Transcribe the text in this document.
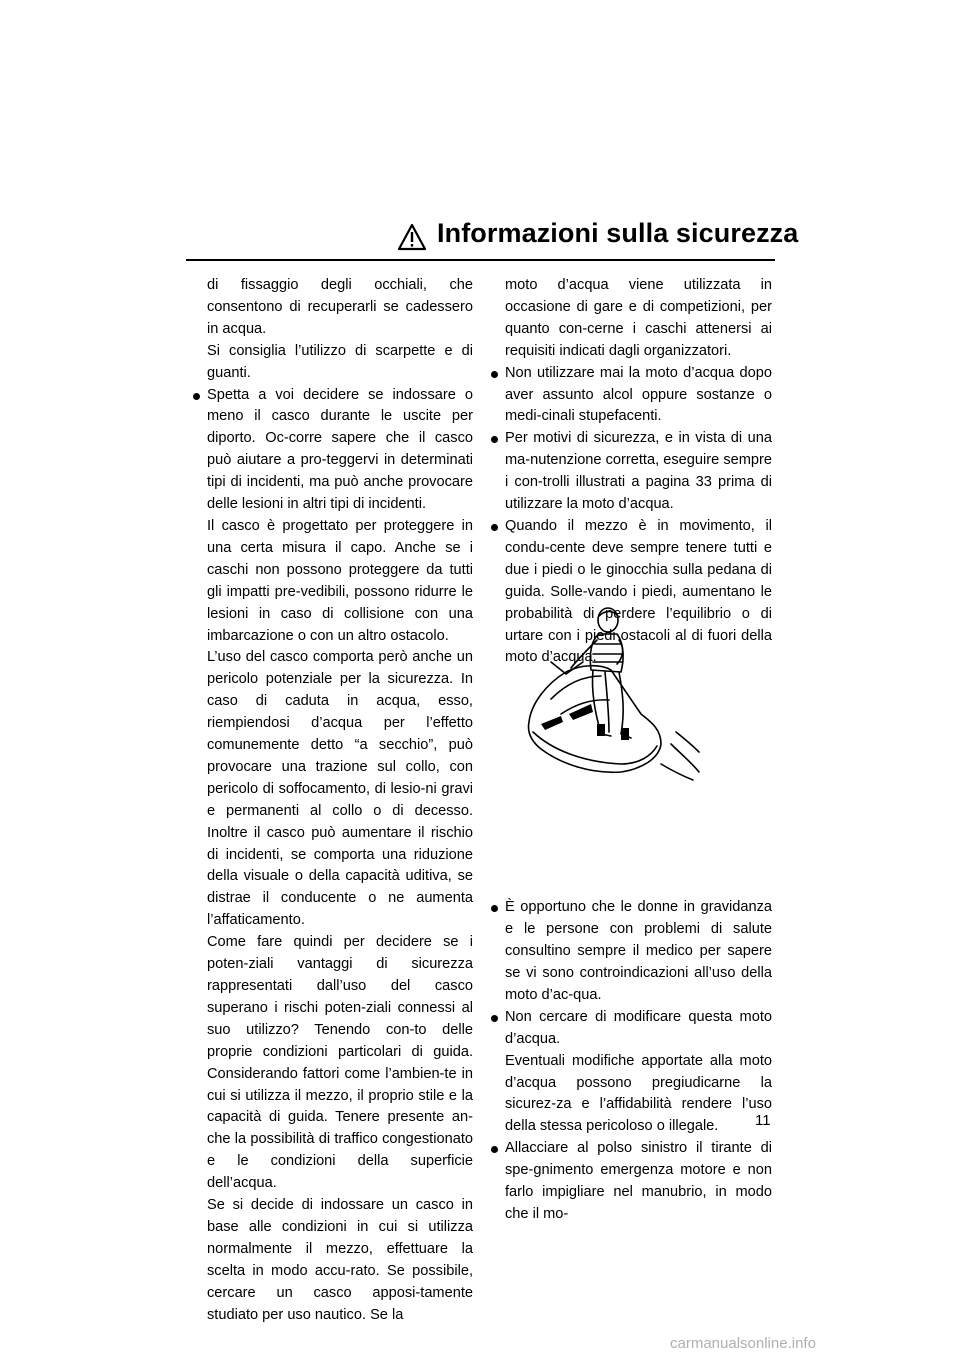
Informazioni sulla sicurezza

di fissaggio degli occhiali, che consentono di recuperarli se cadessero in acqua.

Si consiglia l’utilizzo di scarpette e di guanti.

Spetta a voi decidere se indossare o meno il casco durante le uscite per diporto. Oc-corre sapere che il casco può aiutare a pro-teggervi in determinati tipi di incidenti, ma può anche provocare delle lesioni in altri tipi di incidenti.

Il casco è progettato per proteggere in una certa misura il capo. Anche se i caschi non possono proteggere da tutti gli impatti pre-vedibili, possono ridurre le lesioni in caso di collisione con una imbarcazione o con un altro ostacolo.

L’uso del casco comporta però anche un pericolo potenziale per la sicurezza. In caso di caduta in acqua, esso, riempiendosi d’acqua per l’effetto comunemente detto “a secchio”, può provocare una trazione sul collo, con pericolo di soffocamento, di lesio-ni gravi e permanenti al collo o di decesso. Inoltre il casco può aumentare il rischio di incidenti, se comporta una riduzione della visuale o della capacità uditiva, se distrae il conducente o ne aumenta l’affaticamento.

Come fare quindi per decidere se i poten-ziali vantaggi di sicurezza rappresentati dall’uso del casco superano i rischi poten-ziali connessi al suo utilizzo? Tenendo con-to delle proprie condizioni particolari di guida. Considerando fattori come l’ambien-te in cui si utilizza il mezzo, il proprio stile e la capacità di guida. Tenere presente an-che la possibilità di traffico congestionato e le condizioni della superficie dell’acqua.

Se si decide di indossare un casco in base alle condizioni in cui si utilizza normalmente il mezzo, effettuare la scelta in modo accu-rato. Se possibile, cercare un casco apposi-tamente studiato per uso nautico. Se la

moto d’acqua viene utilizzata in occasione di gare e di competizioni, per quanto con-cerne i caschi attenersi ai requisiti indicati dagli organizzatori.

Non utilizzare mai la moto d’acqua dopo aver assunto alcol oppure sostanze o medi-cinali stupefacenti.

Per motivi di sicurezza, e in vista di una ma-nutenzione corretta, eseguire sempre i con-trolli illustrati a pagina 33 prima di utilizzare la moto d’acqua.

Quando il mezzo è in movimento, il condu-cente deve sempre tenere tutti e due i piedi o le ginocchia sulla pedana di guida. Solle-vando i piedi, aumentano le probabilità di perdere l’equilibrio o di urtare con i piedi ostacoli al di fuori della moto d’acqua.

È opportuno che le donne in gravidanza e le persone con problemi di salute consultino sempre il medico per sapere se vi sono controindicazioni all’uso della moto d’ac-qua.

Non cercare di modificare questa moto d’acqua.

Eventuali modifiche apportate alla moto d’acqua possono pregiudicarne la sicurez-za e l’affidabilità rendere l’uso della stessa pericoloso o illegale.

Allacciare al polso sinistro il tirante di spe-gnimento emergenza motore e non farlo impigliare nel manubrio, in modo che il mo-

11
carmanualsonline.info
